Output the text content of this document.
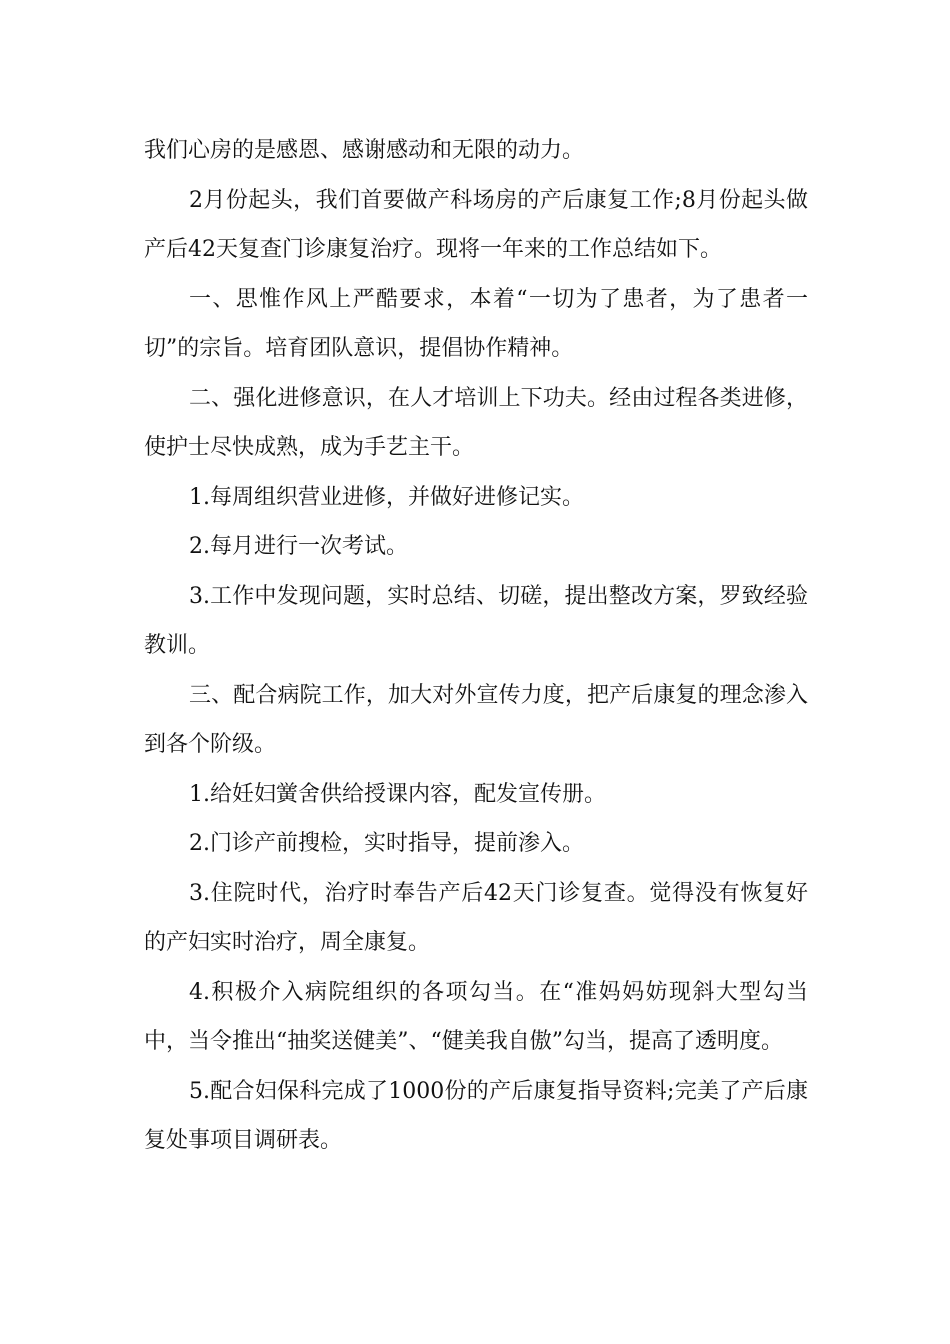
我们心房的是感恩、感谢感动和无限的动力。

2月份起头，我们首要做产科场房的产后康复工作;8月份起头做产后42天复查门诊康复治疗。现将一年来的工作总结如下。

一、思惟作风上严酷要求，本着“一切为了患者，为了患者一切”的宗旨。培育团队意识，提倡协作精神。

二、强化进修意识，在人才培训上下功夫。经由过程各类进修，使护士尽快成熟，成为手艺主干。

1.每周组织营业进修，并做好进修记实。

2.每月进行一次考试。

3.工作中发现问题，实时总结、切磋，提出整改方案，罗致经验教训。

三、配合病院工作，加大对外宣传力度，把产后康复的理念渗入到各个阶级。

1.给妊妇黉舍供给授课内容，配发宣传册。

2.门诊产前搜检，实时指导，提前渗入。

3.住院时代，治疗时奉告产后42天门诊复查。觉得没有恢复好的产妇实时治疗，周全康复。

4.积极介入病院组织的各项勾当。在“准妈妈妨现斜大型勾当中，当令推出“抽奖送健美”、“健美我自傲”勾当，提高了透明度。

5.配合妇保科完成了1000份的产后康复指导资料;完美了产后康复处事项目调研表。
